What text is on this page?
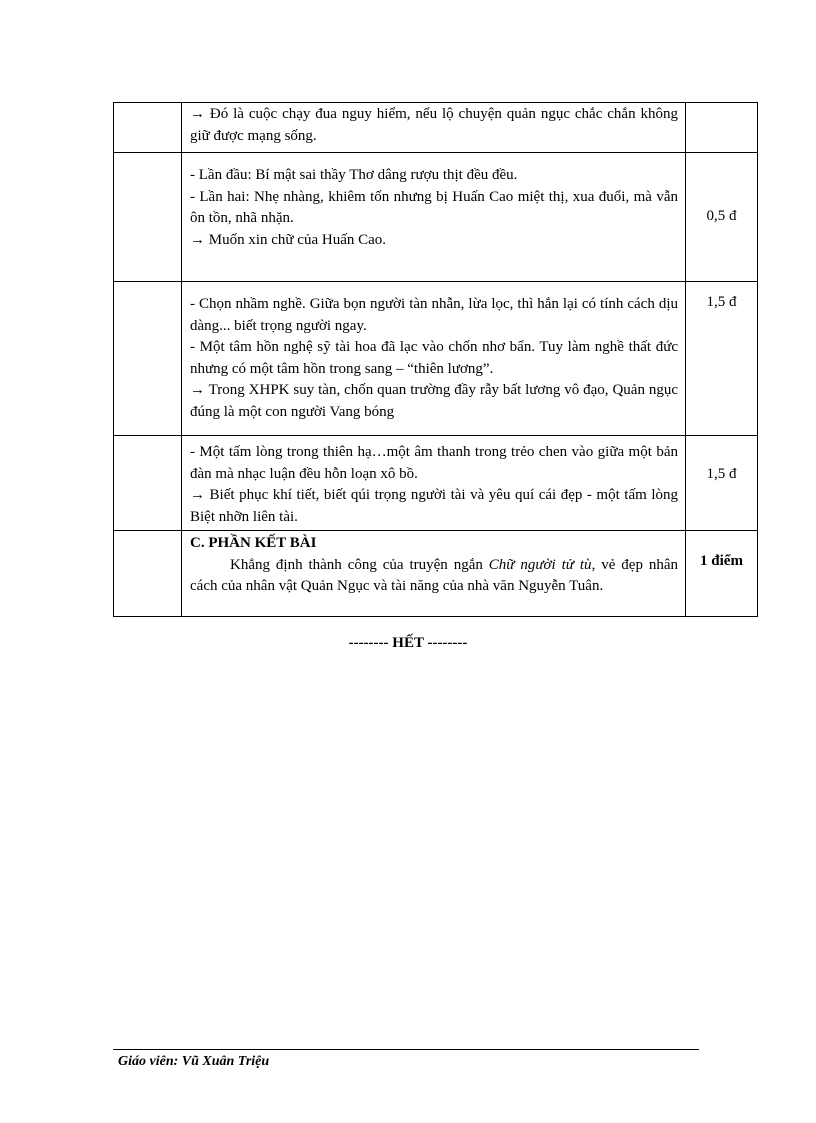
	→ Đó là cuộc chạy đua nguy hiểm, nếu lộ chuyện quản ngục chắc chắn không giữ được mạng sống.	

	- Lần đầu: Bí mật sai thầy Thơ dâng rượu thịt đều đều.

- Lần hai: Nhẹ nhàng, khiêm tốn nhưng bị Huấn Cao miệt thị, xua đuổi, mà vẫn ôn tồn, nhã nhặn.

→ Muốn xin chữ của Huấn Cao.	0,5 đ

	- Chọn nhầm nghề. Giữa bọn người tàn nhẫn, lừa lọc, thì hắn lại có tính cách dịu dàng... biết trọng người ngay.

- Một tâm hồn nghệ sỹ tài hoa đã lạc vào chốn nhơ bẩn. Tuy làm nghề thất đức nhưng có một tâm hồn trong sang – “thiên lương”.

→ Trong XHPK suy tàn, chốn quan trường đầy rẫy bất lương vô đạo, Quản ngục đúng là một con người Vang bóng	1,5 đ

	- Một tấm lòng trong thiên hạ…một âm thanh trong trẻo chen vào giữa một bản đàn mà nhạc luận đều hỗn loạn xô bồ.

→ Biết phục khí tiết, biết qúi trọng người tài và yêu quí cái đẹp - một tấm lòng Biệt nhỡn liên tài.	1,5 đ

	C. PHẦN KẾT BÀI

Khẳng định thành công của truyện ngắn Chữ người tử tù, vẻ đẹp nhân cách của nhân vật Quản Ngục và tài năng của nhà văn Nguyễn Tuân.	1 điểm
-------- HẾT --------
Giáo viên: Vũ Xuân Triệu
